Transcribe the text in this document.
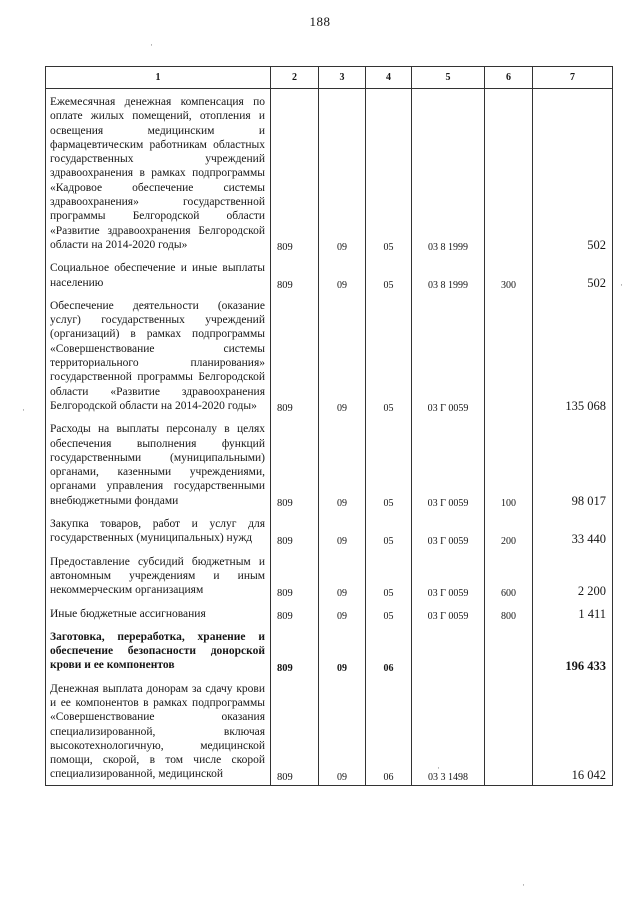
188
1	2	3	4	5	6	7

Ежемесячная денежная компенсация по оплате жилых помещений, отопления и освещения медицинским и фармацевтическим работникам областных государственных учреждений здравоохранения в рамках подпрограммы «Кадровое обеспечение системы здравоохранения» государственной программы Белгородской области «Развитие здравоохранения Белгородской области на 2014-2020 годы»	809	09	05	03 8 1999		502

Социальное обеспечение и иные выплаты населению	809	09	05	03 8 1999	300	502

Обеспечение деятельности (оказание услуг) государственных учреждений (организаций) в рамках подпрограммы «Совершенствование системы территориального планирования» государственной программы Белгородской области «Развитие здравоохранения Белгородской области на 2014-2020 годы»	809	09	05	03 Г 0059		135 068

Расходы на выплаты персоналу в целях обеспечения выполнения функций государственными (муниципальными) органами, казенными учреждениями, органами управления государственными внебюджетными фондами	809	09	05	03 Г 0059	100	98 017

Закупка товаров, работ и услуг для государственных (муниципальных) нужд	809	09	05	03 Г 0059	200	33 440

Предоставление субсидий бюджетным и автономным учреждениям и иным некоммерческим организациям	809	09	05	03 Г 0059	600	2 200

Иные бюджетные ассигнования	809	09	05	03 Г 0059	800	1 411

Заготовка, переработка, хранение и обеспечение безопасности донорской крови и ее компонентов	809	09	06			196 433

Денежная выплата донорам за сдачу крови и ее компонентов в рамках подпрограммы «Совершенствование оказания специализированной, включая высокотехнологичную, медицинской помощи, скорой, в том числе скорой специализированной, медицинской	809	09	06	03 3 1498		16 042
·
·
·
·
·
